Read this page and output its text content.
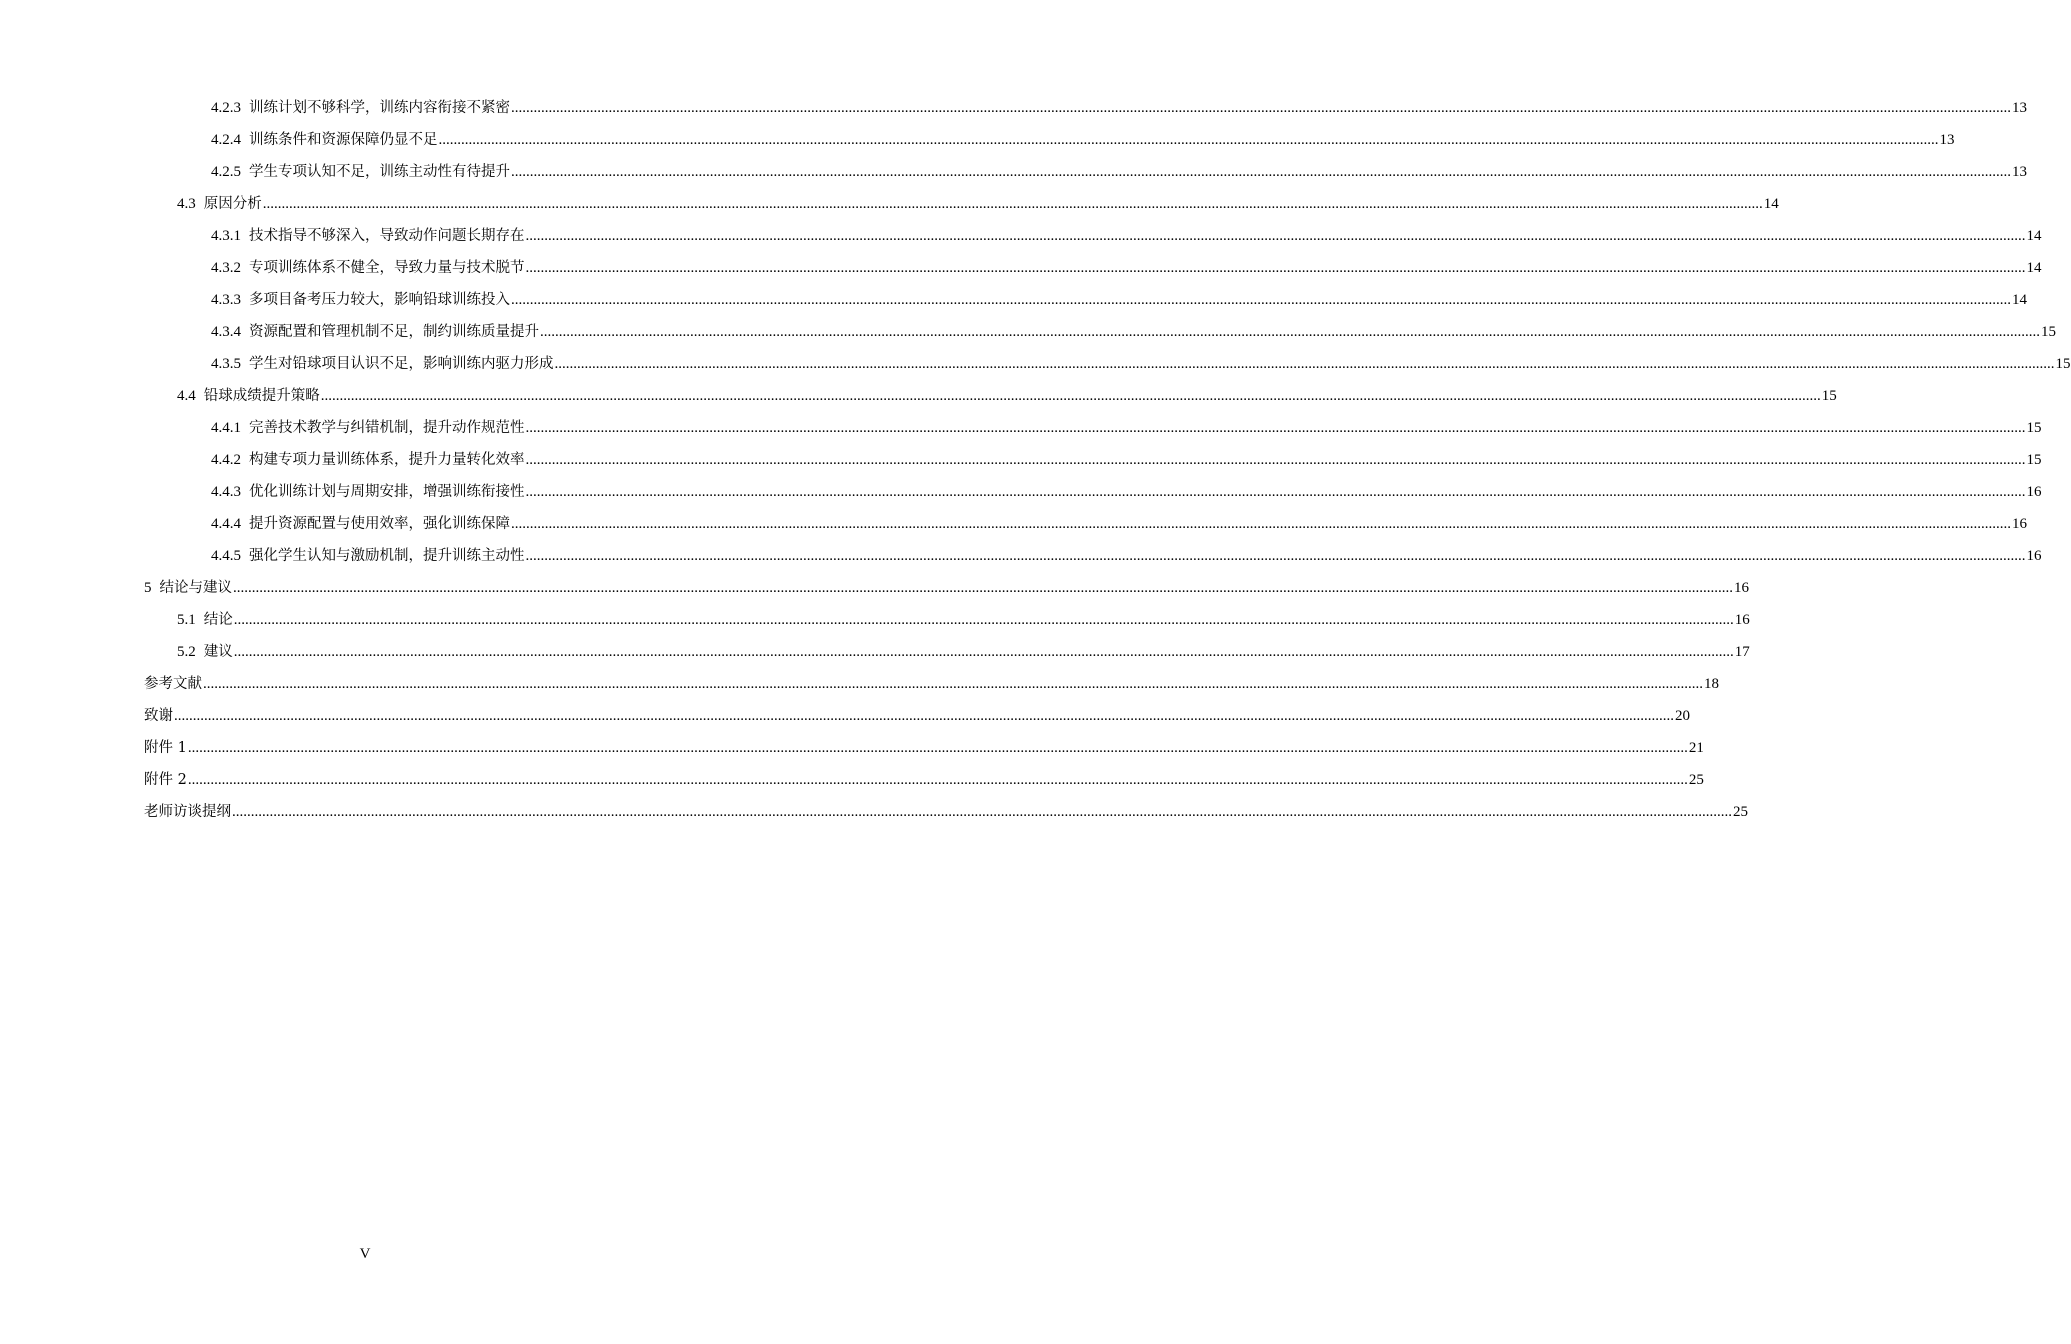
4.2.3 训练计划不够科学，训练内容衔接不紧密 ................................................................................................................................................................................................................................................................................................................................................................................................................ 13
4.2.4 训练条件和资源保障仍显不足 ................................................................................................................................................................................................................................................................................................................................................................................................................ 13
4.2.5 学生专项认知不足，训练主动性有待提升 ................................................................................................................................................................................................................................................................................................................................................................................................................ 13
4.3 原因分析 ................................................................................................................................................................................................................................................................................................................................................................................................................ 14
4.3.1 技术指导不够深入，导致动作问题长期存在 ................................................................................................................................................................................................................................................................................................................................................................................................................ 14
4.3.2 专项训练体系不健全，导致力量与技术脱节 ................................................................................................................................................................................................................................................................................................................................................................................................................ 14
4.3.3 多项目备考压力较大，影响铅球训练投入 ................................................................................................................................................................................................................................................................................................................................................................................................................ 14
4.3.4 资源配置和管理机制不足，制约训练质量提升 ................................................................................................................................................................................................................................................................................................................................................................................................................ 15
4.3.5 学生对铅球项目认识不足，影响训练内驱力形成 ................................................................................................................................................................................................................................................................................................................................................................................................................ 15
4.4 铅球成绩提升策略 ................................................................................................................................................................................................................................................................................................................................................................................................................ 15
4.4.1 完善技术教学与纠错机制，提升动作规范性 ................................................................................................................................................................................................................................................................................................................................................................................................................ 15
4.4.2 构建专项力量训练体系，提升力量转化效率 ................................................................................................................................................................................................................................................................................................................................................................................................................ 15
4.4.3 优化训练计划与周期安排，增强训练衔接性 ................................................................................................................................................................................................................................................................................................................................................................................................................ 16
4.4.4 提升资源配置与使用效率，强化训练保障 ................................................................................................................................................................................................................................................................................................................................................................................................................ 16
4.4.5 强化学生认知与激励机制，提升训练主动性 ................................................................................................................................................................................................................................................................................................................................................................................................................ 16
5 结论与建议 ................................................................................................................................................................................................................................................................................................................................................................................................................ 16
5.1 结论 ................................................................................................................................................................................................................................................................................................................................................................................................................ 16
5.2 建议 ................................................................................................................................................................................................................................................................................................................................................................................................................ 17
参考文献 ................................................................................................................................................................................................................................................................................................................................................................................................................ 18
致谢 ................................................................................................................................................................................................................................................................................................................................................................................................................ 20
附件 1 ................................................................................................................................................................................................................................................................................................................................................................................................................ 21
附件 2 ................................................................................................................................................................................................................................................................................................................................................................................................................ 25
老师访谈提纲 ................................................................................................................................................................................................................................................................................................................................................................................................................ 25
V
